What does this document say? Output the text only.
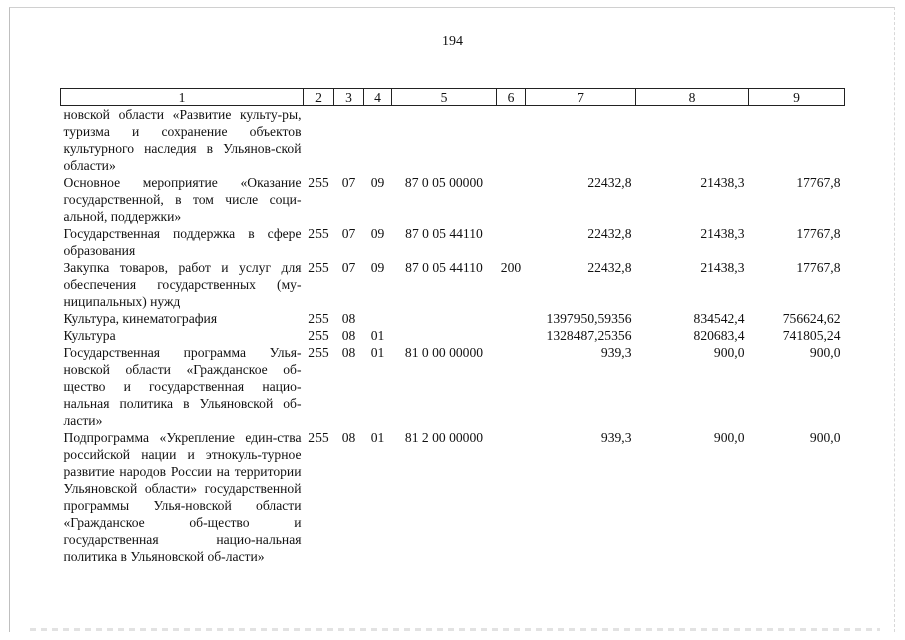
194
1	2	3	4	5	6	7	8	9
новской области «Развитие культу-ры, туризма и сохранение объектов культурного наследия в Ульянов-ской области»								
Основное мероприятие «Оказание государственной, в том числе соци-альной, поддержки»	255	07	09	87 0 05 00000		22432,8	21438,3	17767,8
Государственная поддержка в сфере образования	255	07	09	87 0 05 44110		22432,8	21438,3	17767,8
Закупка товаров, работ и услуг для обеспечения государственных (му-ниципальных) нужд	255	07	09	87 0 05 44110	200	22432,8	21438,3	17767,8
Культура, кинематография	255	08				1397950,59356	834542,4	756624,62
Культура	255	08	01			1328487,25356	820683,4	741805,24
Государственная программа Улья-новской области «Гражданское об-щество и государственная нацио-нальная политика в Ульяновской об-ласти»	255	08	01	81 0 00 00000		939,3	900,0	900,0
Подпрограмма «Укрепление един-ства российской нации и этнокуль-турное развитие народов России на территории Ульяновской области» государственной программы Улья-новской области «Гражданское об-щество и государственная нацио-нальная политика в Ульяновской об-ласти»	255	08	01	81 2 00 00000		939,3	900,0	900,0
